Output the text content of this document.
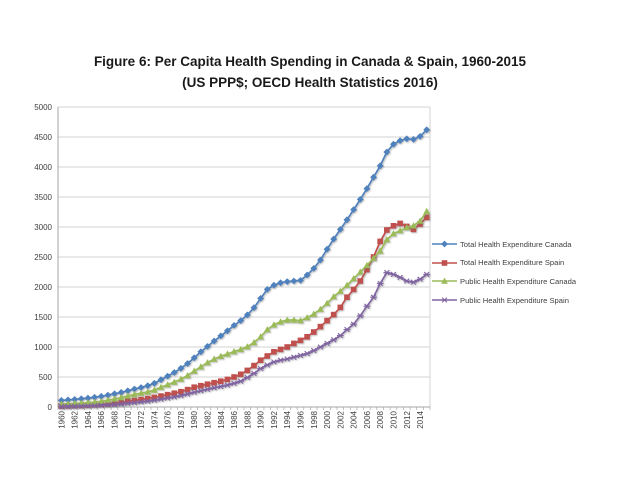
Figure 6: Per Capita Health Spending in Canada & Spain, 1960-2015
(US PPP$; OECD Health Statistics 2016)
0
500
1000
1500
2000
2500
3000
3500
4000
4500
5000
1960 1962 1964 1966 1968 1970 1972 1974 1976 1978 1980 1982 1984 1986 1988 1990 1992 1994 1996 1998 2000 2002 2004 2006 2008 2010 2012 2014
Total Health Expenditure Canada
Total Health Expenditure Spain
Public Health Expenditure Canada
Public Health Expenditure Spain
